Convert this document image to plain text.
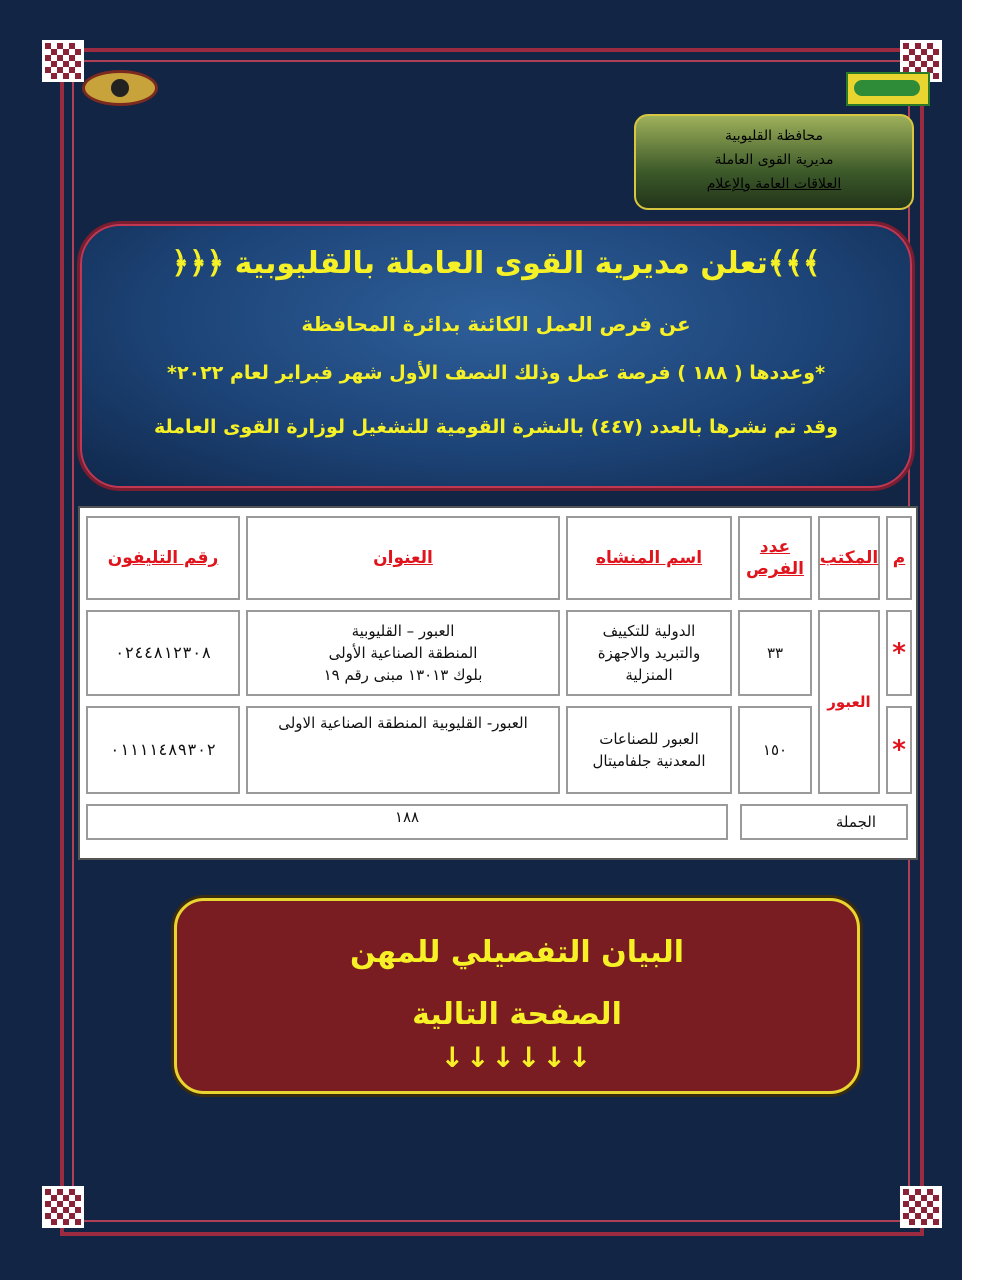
محافظة القليوبية
مديرية القوى العاملة
العلاقات العامة والإعلام
﴾﴾﴾تعلن مديرية القوى العاملة بالقليوبية ﴿﴿﴿
عن فرص العمل الكائنة بدائرة المحافظة
*وعددها ( ١٨٨ ) فرصة عمل وذلك النصف الأول شهر فبراير لعام ٢٠٢٢*
وقد تم نشرها بالعدد (٤٤٧) بالنشرة القومية للتشغيل لوزارة القوى العاملة
م
المكتب
عدد الفرص
اسم المنشاه
العنوان
رقم التليفون
العبور
*
٣٣
الدولية للتكييف والتبريد والاجهزة المنزلية
العبور – القليوبية
المنطقة الصناعية الأولى
بلوك ١٣٠١٣ مبنى رقم ١٩
٠٢٤٤٨١٢٣٠٨
*
١٥٠
العبور للصناعات المعدنية جلفاميتال
العبور- القليوبية المنطقة الصناعية الاولى
٠١١١١٤٨٩٣٠٢
الجملة
١٨٨
البيان التفصيلي للمهن
الصفحة التالية
↓↓↓↓↓↓
